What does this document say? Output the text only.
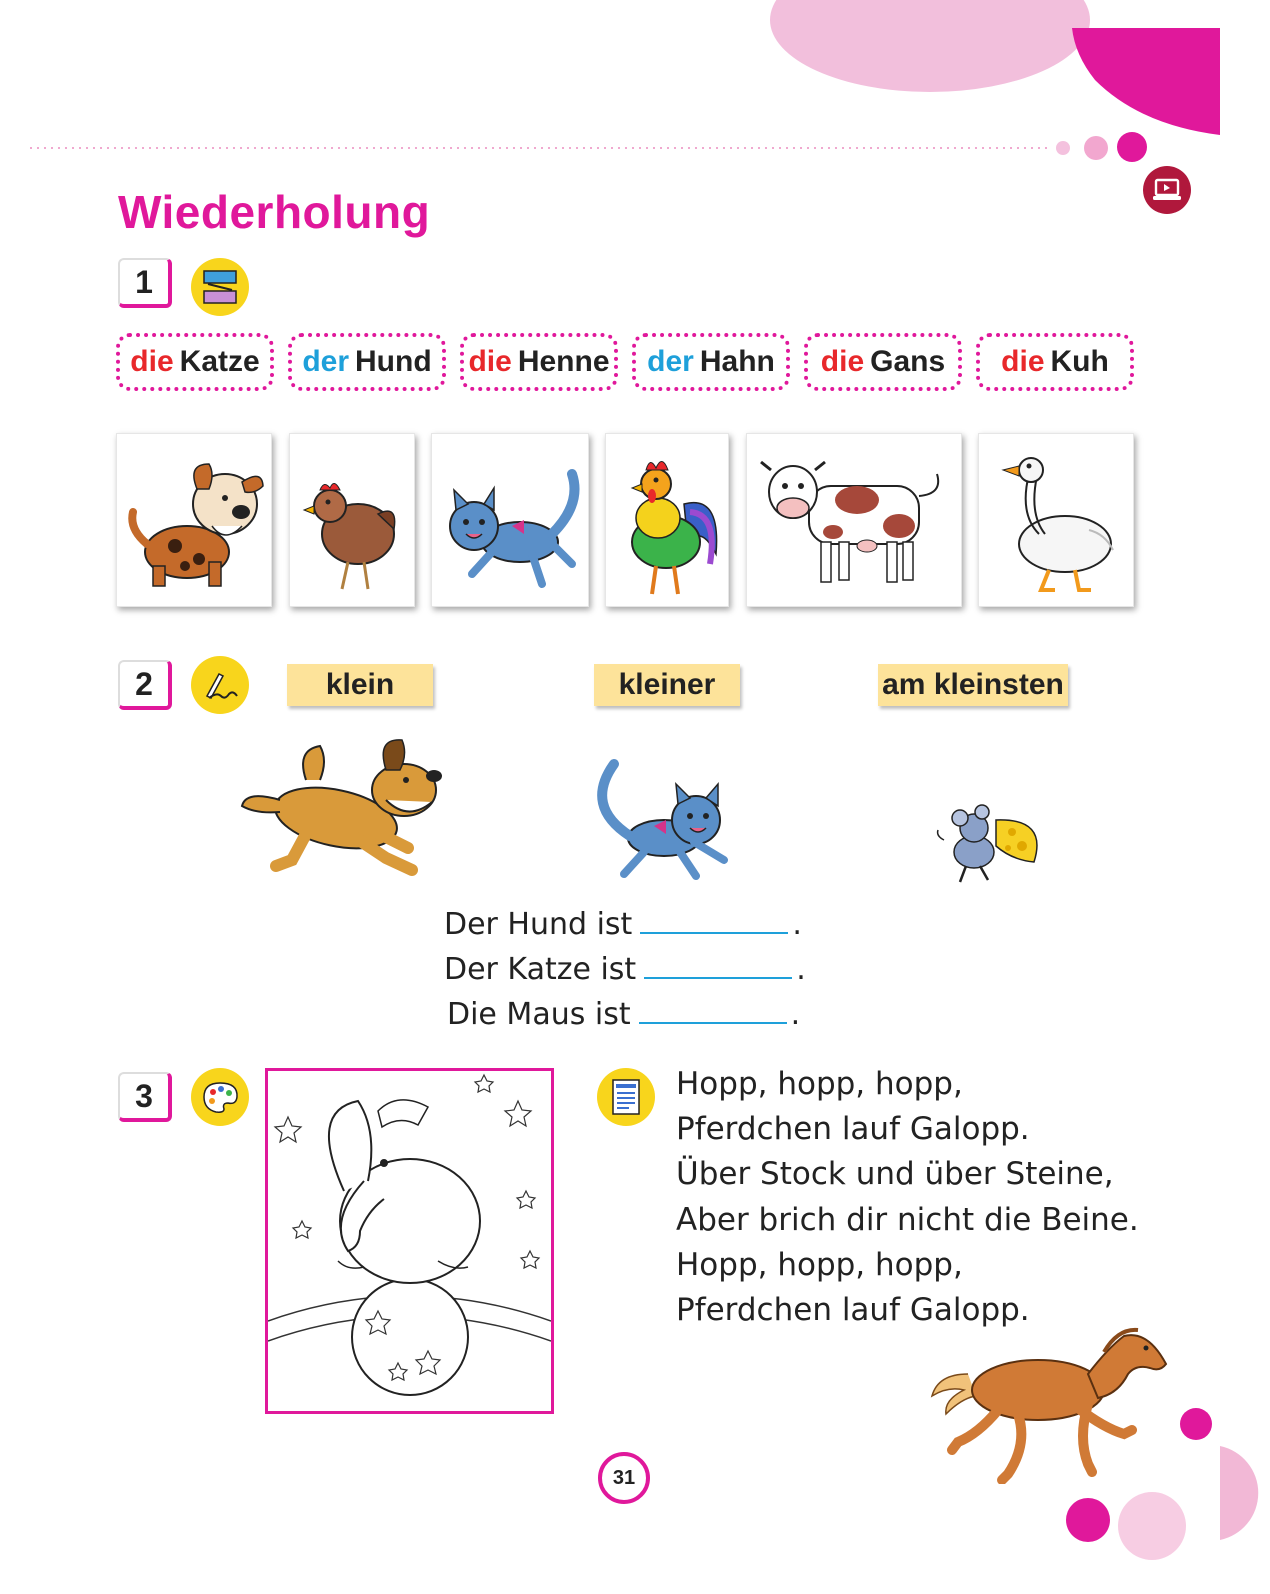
Wiederholung
1
die Katze der Hund die Henne der Hahn die Gans die Kuh
2	klein	kleiner	am kleinsten
Der Hund ist	.
Der Katze ist	.
Die Maus ist	.
3	Hopp, hopp, hopp,
Pferdchen lauf Galopp.
Über Stock und über Steine,
Aber brich dir nicht die Beine.
Hopp, hopp, hopp,
Pferdchen lauf Galopp.
31
